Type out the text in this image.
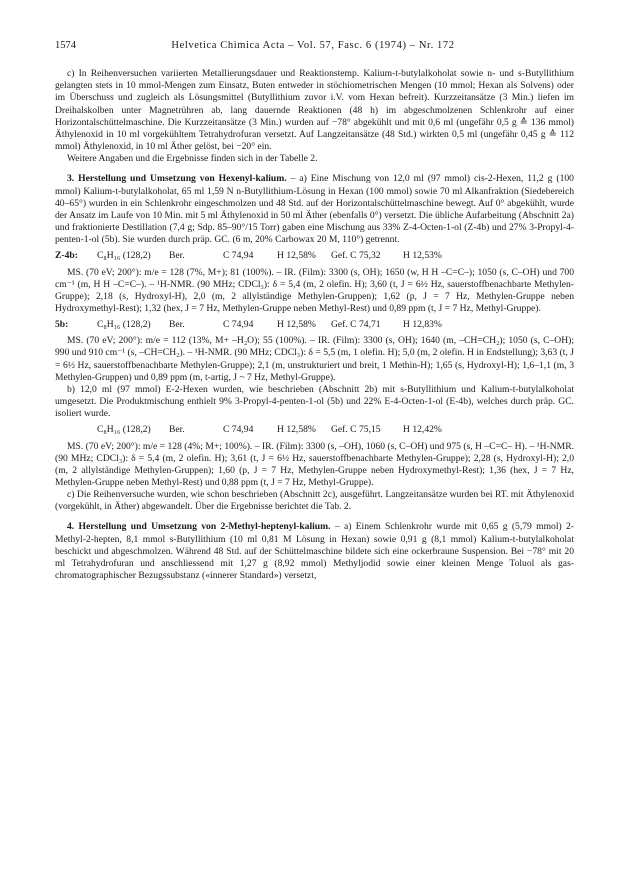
1574	Helvetica Chimica Acta – Vol. 57, Fasc. 6 (1974) – Nr. 172

c) In Reihenversuchen variierten Metallierungsdauer und Reaktionstemp. Kalium-t-butylalkoholat sowie n- und s-Butyllithium gelangten stets in 10 mmol-Mengen zum Einsatz, Buten entweder in stöchiometrischen Mengen (10 mmol; Hexan als Solvens) oder im Überschuss und zugleich als Lösungsmittel (Butyllithium zuvor i.V. vom Hexan befreit). Kurzzeitansätze (3 Min.) liefen im Dreihalskolben unter Magnetrühren ab, lang dauernde Reaktionen (48 h) im abgeschmolzenen Schlenkrohr auf einer Horizontalschüttelmaschine. Die Kurzzeitansätze (3 Min.) wurden auf −78° abgekühlt und mit 0,6 ml (ungefähr 0,5 g ≙ 136 mmol) Äthylenoxid in 10 ml vorgekühltem Tetrahydrofuran versetzt. Auf Langzeitansätze (48 Std.) wirkten 0,5 ml (ungefähr 0,45 g ≙ 112 mmol) Äthylenoxid, in 10 ml Äther gelöst, bei −20° ein.

Weitere Angaben und die Ergebnisse finden sich in der Tabelle 2.

3. Herstellung und Umsetzung von Hexenyl-kalium. – a) Eine Mischung von 12,0 ml (97 mmol) cis-2-Hexen, 11,2 g (100 mmol) Kalium-t-butylalkoholat, 65 ml 1,59 N n-Butyllithium-Lösung in Hexan (100 mmol) sowie 70 ml Alkanfraktion (Siedebereich 40–65°) wurden in ein Schlenkrohr eingeschmolzen und 48 Std. auf der Horizontalschüttelmaschine bewegt. Auf 0° abgekühlt, wurde der Ansatz im Laufe von 10 Min. mit 5 ml Äthylenoxid in 50 ml Äther (ebenfalls 0°) versetzt. Die übliche Aufarbeitung (Abschnitt 2a) und fraktionierte Destillation (7,4 g; Sdp. 85–90°/15 Torr) gaben eine Mischung aus 33% Z-4-Octen-1-ol (Z-4b) und 27% 3-Propyl-4-penten-1-ol (5b). Sie wurden durch präp. GC. (6 m, 20% Carbowax 20 M, 110°) getrennt.

Z-4b:	C₈H₁₆ (128,2)	Ber.	C 74,94	H 12,58%	Gef. C 75,32	H 12,53%

MS. (70 eV; 200°): m/e = 128 (7%, M+); 81 (100%). – IR. (Film): 3300 (s, OH); 1650 (w, H H –C=C–); 1050 (s, C–OH) und 700 cm⁻¹ (m, H H –C=C–). – ¹H-NMR. (90 MHz; CDCl₃): δ = 5,4 (m, 2 olefin. H); 3,60 (t, J = 6½ Hz, sauerstoffbenachbarte Methylen-Gruppe); 2,18 (s, Hydroxyl-H), 2,0 (m, 2 allylständige Methylen-Gruppen); 1,62 (p, J = 7 Hz, Methylen-Gruppe neben Hydroxymethyl-Rest); 1,32 (hex, J = 7 Hz, Methylen-Gruppe neben Methyl-Rest) und 0,89 ppm (t, J = 7 Hz, Methyl-Gruppe).

5b:	C₈H₁₆ (128,2)	Ber.	C 74,94	H 12,58%	Gef. C 74,71	H 12,83%

MS. (70 eV; 200°): m/e = 112 (13%, M+ –H₂O); 55 (100%). – IR. (Film): 3300 (s, OH); 1640 (m, –CH=CH₂); 1050 (s, C–OH); 990 und 910 cm⁻¹ (s, –CH=CH₂). – ¹H-NMR. (90 MHz; CDCl₃): δ = 5,5 (m, 1 olefin. H); 5,0 (m, 2 olefin. H in Endstellung); 3,63 (t, J = 6½ Hz, sauerstoffbenachbarte Methylen-Gruppe); 2,1 (m, unstrukturiert und breit, 1 Methin-H); 1,65 (s, Hydroxyl-H); 1,6–1,1 (m, 3 Methylen-Gruppen) und 0,89 ppm (m, t-artig, J ~ 7 Hz, Methyl-Gruppe).

b) 12,0 ml (97 mmol) E-2-Hexen wurden, wie beschrieben (Abschnitt 2b) mit s-Butyllithium und Kalium-t-butylalkoholat umgesetzt. Die Produktmischung enthielt 9% 3-Propyl-4-penten-1-ol (5b) und 22% E-4-Octen-1-ol (E-4b), welches durch präp. GC. isoliert wurde.

C₈H₁₆ (128,2)	Ber.	C 74,94	H 12,58%	Gef. C 75,15	H 12,42%

MS. (70 eV; 200°): m/e = 128 (4%; M+; 100%). – IR. (Film): 3300 (s, –OH), 1060 (s, C–OH) und 975 (s, H –C=C– H). – ¹H-NMR. (90 MHz; CDCl₃): δ = 5,4 (m, 2 olefin. H); 3,61 (t, J = 6½ Hz, sauerstoffbenachbarte Methylen-Gruppe); 2,28 (s, Hydroxyl-H); 2,0 (m, 2 allylständige Methylen-Gruppen); 1,60 (p, J = 7 Hz, Methylen-Gruppe neben Hydroxymethyl-Rest); 1,36 (hex, J = 7 Hz, Methylen-Gruppe neben Methyl-Rest) und 0,88 ppm (t, J = 7 Hz, Methyl-Gruppe).

c) Die Reihenversuche wurden, wie schon beschrieben (Abschnitt 2c), ausgeführt. Langzeitansätze wurden bei RT. mit Äthylenoxid (vorgekühlt, in Äther) abgewandelt. Über die Ergebnisse berichtet die Tab. 2.

4. Herstellung und Umsetzung von 2-Methyl-heptenyl-kalium. – a) Einem Schlenkrohr wurde mit 0,65 g (5,79 mmol) 2-Methyl-2-hepten, 8,1 mmol s-Butyllithium (10 ml 0,81 M Lösung in Hexan) sowie 0,91 g (8,1 mmol) Kalium-t-butylalkoholat beschickt und abgeschmolzen. Während 48 Std. auf der Schüttelmaschine bildete sich eine ockerbraune Suspension. Bei −78° mit 20 ml Tetrahydrofuran und anschliessend mit 1,27 g (8,92 mmol) Methyljodid sowie einer kleinen Menge Toluol als gas-chromatographischer Bezugssubstanz («innerer Standard») versetzt,
